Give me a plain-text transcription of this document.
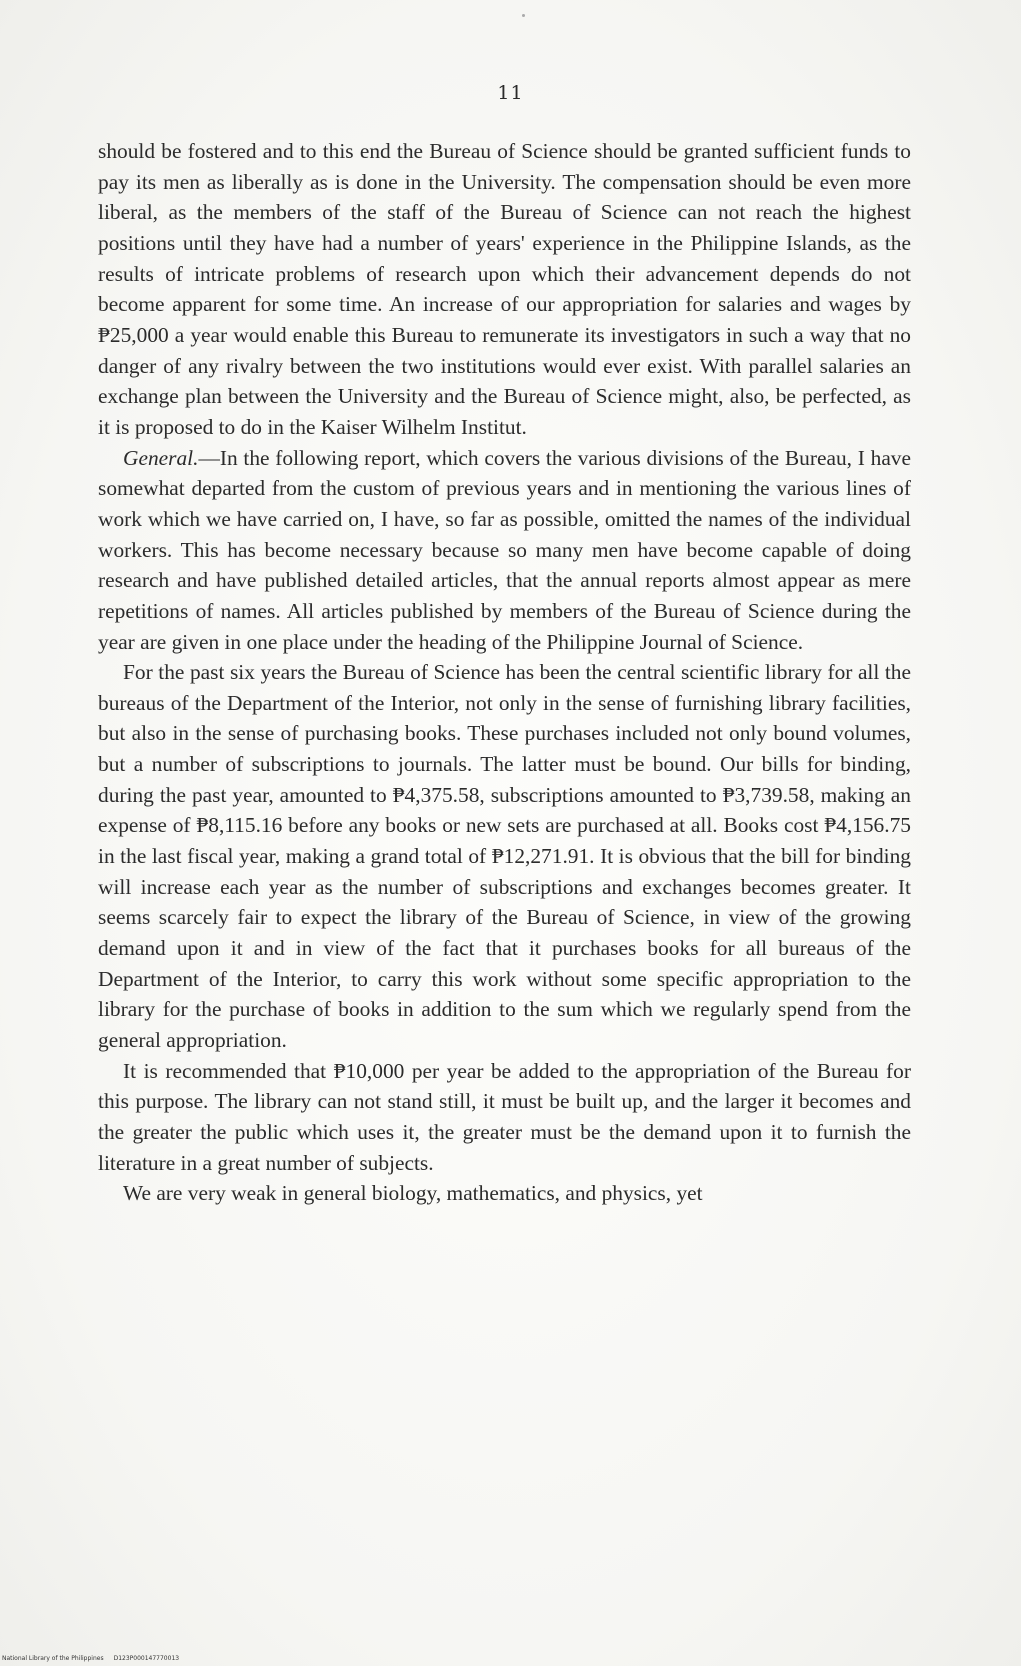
11

should be fostered and to this end the Bureau of Science should be granted sufficient funds to pay its men as liberally as is done in the University. The compensation should be even more liberal, as the members of the staff of the Bureau of Science can not reach the highest positions until they have had a number of years' experience in the Philippine Islands, as the results of intricate problems of research upon which their advancement depends do not become apparent for some time. An increase of our appropriation for salaries and wages by ₱25,000 a year would enable this Bureau to remunerate its investigators in such a way that no danger of any rivalry between the two institutions would ever exist. With parallel salaries an exchange plan between the University and the Bureau of Science might, also, be perfected, as it is proposed to do in the Kaiser Wilhelm Institut.

General.—In the following report, which covers the various divisions of the Bureau, I have somewhat departed from the custom of previous years and in mentioning the various lines of work which we have carried on, I have, so far as possible, omitted the names of the individual workers. This has become necessary because so many men have become capable of doing research and have published detailed articles, that the annual reports almost appear as mere repetitions of names. All articles published by members of the Bureau of Science during the year are given in one place under the heading of the Philippine Journal of Science.

For the past six years the Bureau of Science has been the central scientific library for all the bureaus of the Department of the Interior, not only in the sense of furnishing library facilities, but also in the sense of purchasing books. These purchases included not only bound volumes, but a number of subscriptions to journals. The latter must be bound. Our bills for binding, during the past year, amounted to ₱4,375.58, subscriptions amounted to ₱3,739.58, making an expense of ₱8,115.16 before any books or new sets are purchased at all. Books cost ₱4,156.75 in the last fiscal year, making a grand total of ₱12,271.91. It is obvious that the bill for binding will increase each year as the number of subscriptions and exchanges becomes greater. It seems scarcely fair to expect the library of the Bureau of Science, in view of the growing demand upon it and in view of the fact that it purchases books for all bureaus of the Department of the Interior, to carry this work without some specific appropriation to the library for the purchase of books in addition to the sum which we regularly spend from the general appropriation.

It is recommended that ₱10,000 per year be added to the appropriation of the Bureau for this purpose. The library can not stand still, it must be built up, and the larger it becomes and the greater the public which uses it, the greater must be the demand upon it to furnish the literature in a great number of subjects.

We are very weak in general biology, mathematics, and physics, yet

National Library of the Philippines D123P000147770013
